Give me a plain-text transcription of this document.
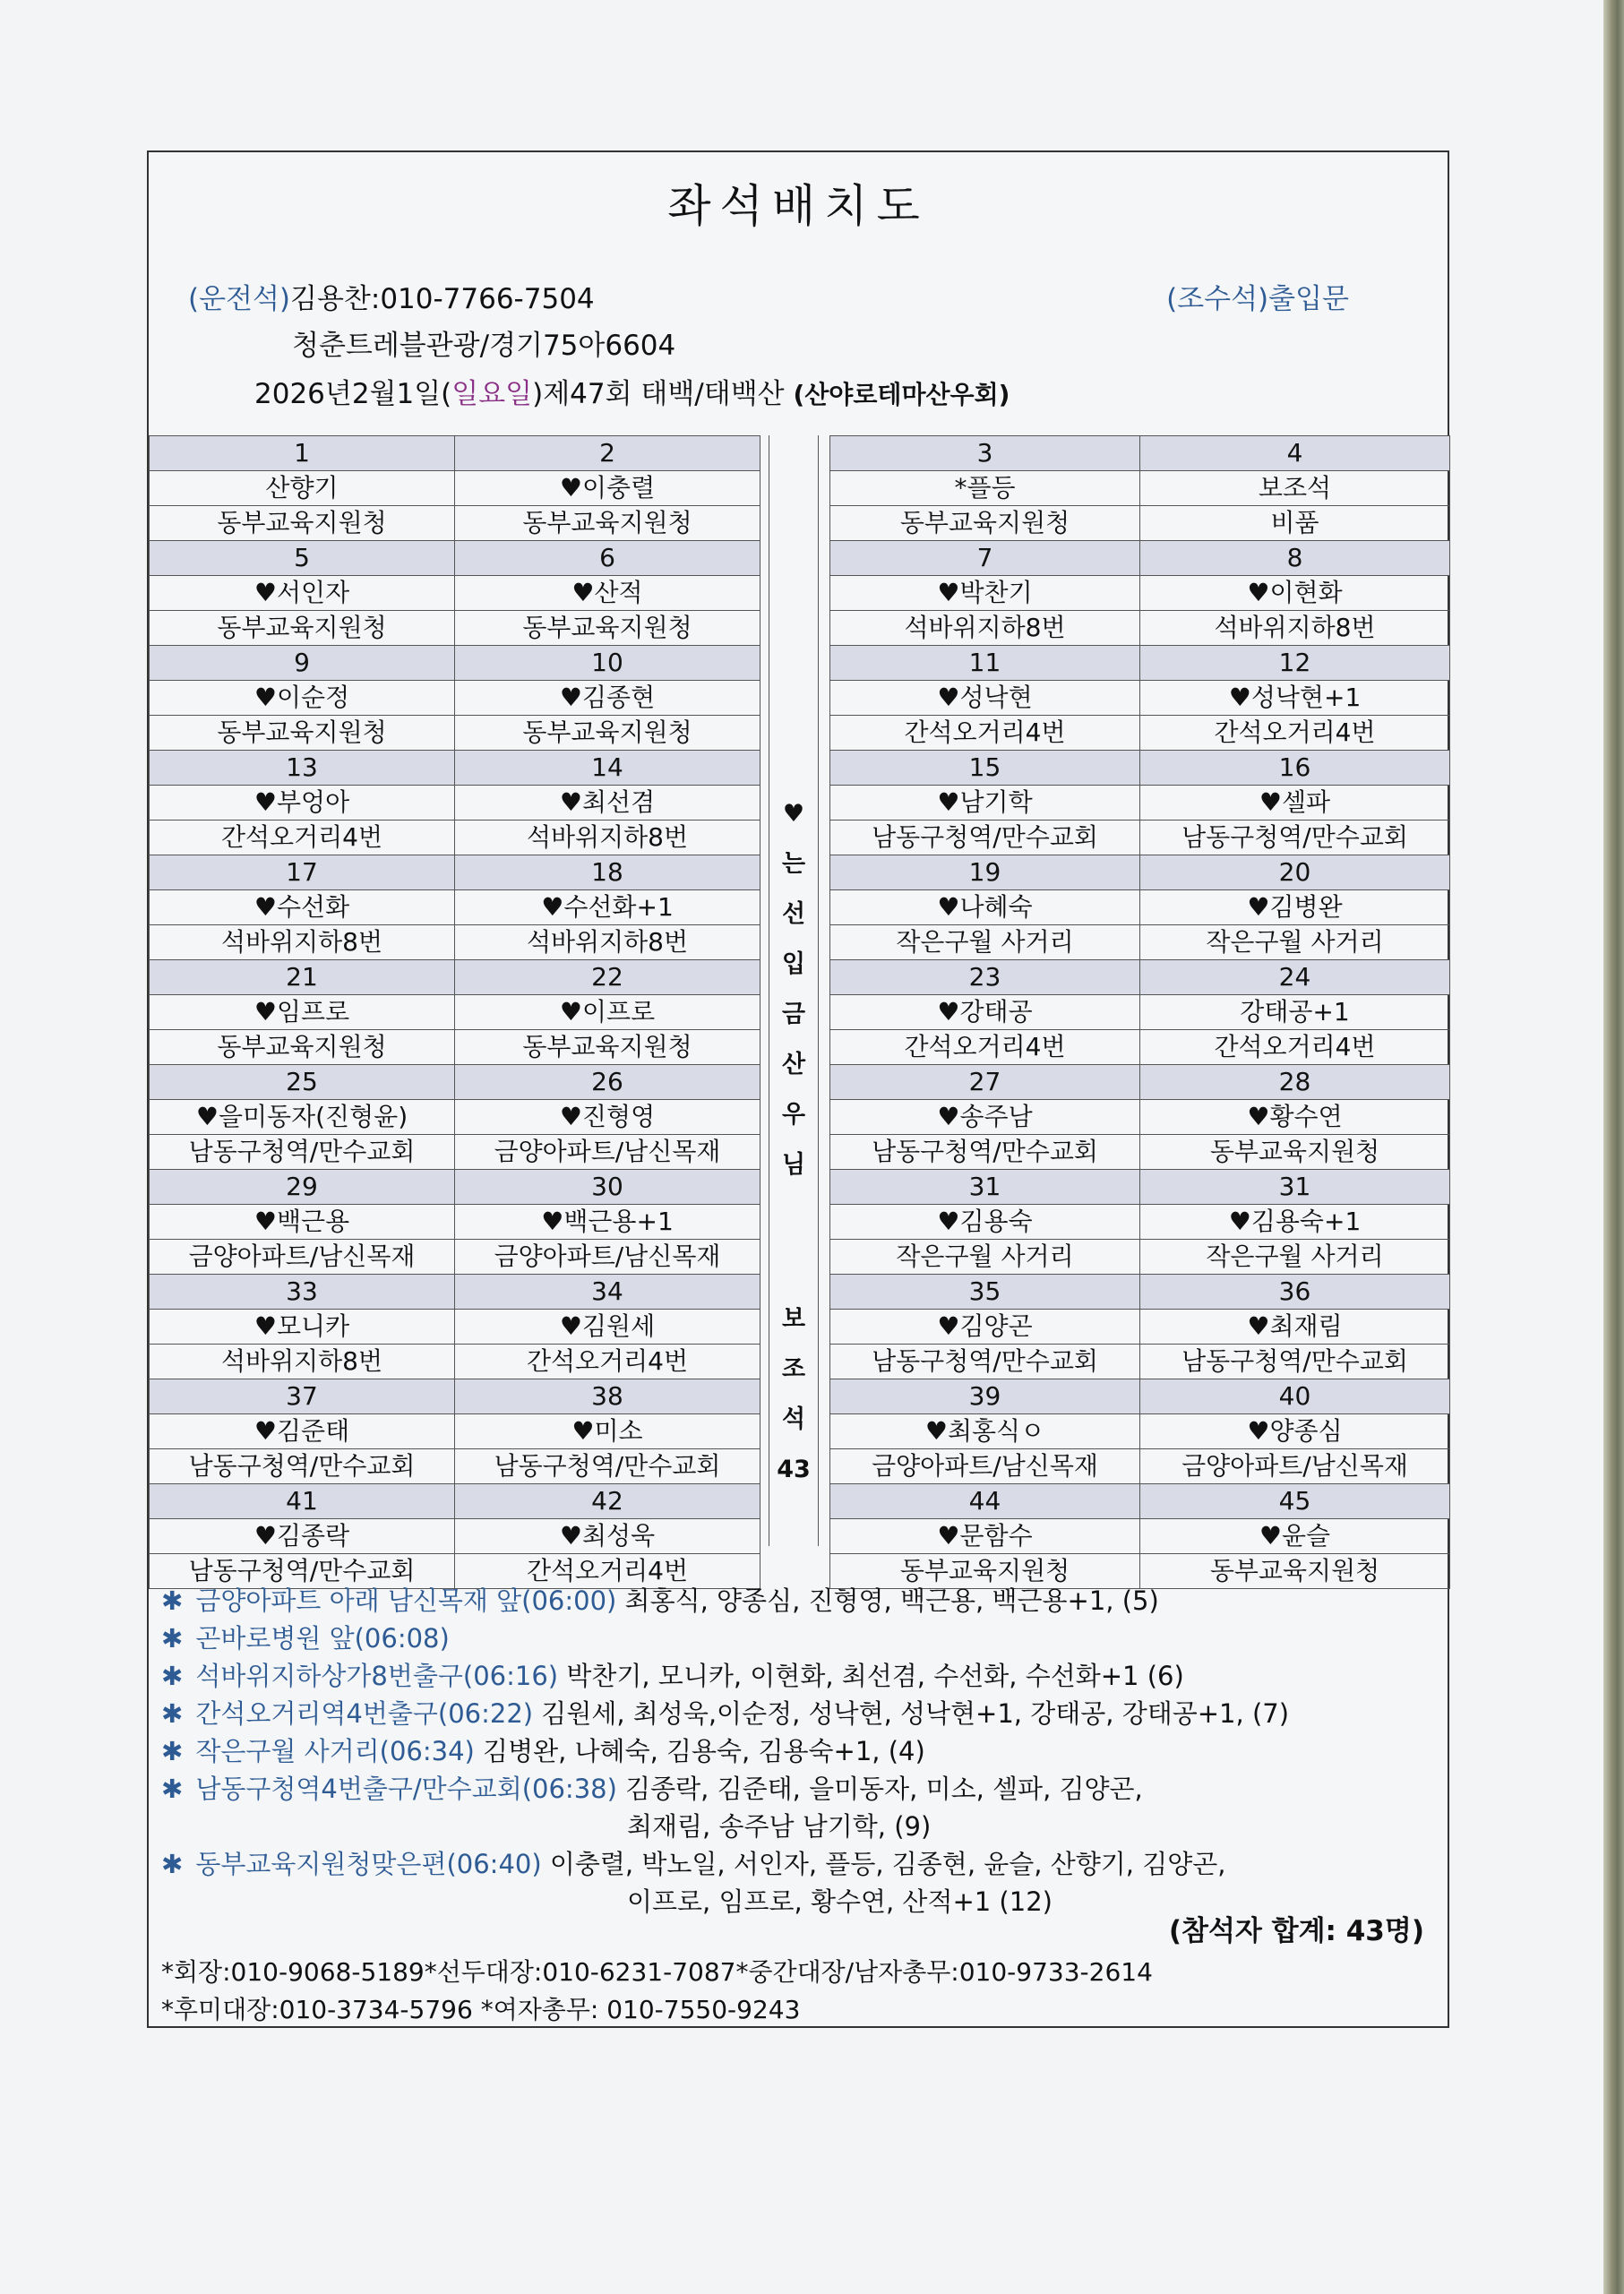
좌석배치도
(운전석)김용찬:010-7766-7504	(조수석)출입문
청춘트레블관광/경기75아6604
2026년2월1일(일요일)제47회 태백/태백산 (산야로테마산우회)
1	2
산향기	♥이충렬
동부교육지원청	동부교육지원청
5	6
♥서인자	♥산적
동부교육지원청	동부교육지원청
9	10
♥이순정	♥김종현
동부교육지원청	동부교육지원청
13	14
♥부엉아	♥최선겸
간석오거리4번	석바위지하8번
17	18
♥수선화	♥수선화+1
석바위지하8번	석바위지하8번
21	22
♥임프로	♥이프로
동부교육지원청	동부교육지원청
25	26
♥을미동자(진형윤)	♥진형영
남동구청역/만수교회	금양아파트/남신목재
29	30
♥백근용	♥백근용+1
금양아파트/남신목재	금양아파트/남신목재
33	34
♥모니카	♥김원세
석바위지하8번	간석오거리4번
37	38
♥김준태	♥미소
남동구청역/만수교회	남동구청역/만수교회
41	42
♥김종락	♥최성욱
남동구청역/만수교회	간석오거리4번
♥
는
선
입
금
산
우
님
보
조
석
43
3	4
*플등	보조석
동부교육지원청	비품
7	8
♥박찬기	♥이현화
석바위지하8번	석바위지하8번
11	12
♥성낙현	♥성낙현+1
간석오거리4번	간석오거리4번
15	16
♥남기학	♥셀파
남동구청역/만수교회	남동구청역/만수교회
19	20
♥나혜숙	♥김병완
작은구월 사거리	작은구월 사거리
23	24
♥강태공	강태공+1
간석오거리4번	간석오거리4번
27	28
♥송주남	♥황수연
남동구청역/만수교회	동부교육지원청
31	31
♥김용숙	♥김용숙+1
작은구월 사거리	작은구월 사거리
35	36
♥김양곤	♥최재림
남동구청역/만수교회	남동구청역/만수교회
39	40
♥최홍식ㅇ	♥양종심
금양아파트/남신목재	금양아파트/남신목재
44	45
♥문함수	♥윤슬
동부교육지원청	동부교육지원청
✱ 금양아파트 아래 남신목재 앞(06:00) 최홍식, 양종심, 진형영, 백근용, 백근용+1, (5)
✱ 곤바로병원 앞(06:08)
✱ 석바위지하상가8번출구(06:16) 박찬기, 모니카, 이현화, 최선겸, 수선화, 수선화+1 (6)
✱ 간석오거리역4번출구(06:22) 김원세, 최성욱,이순정, 성낙현, 성낙현+1, 강태공, 강태공+1, (7)
✱ 작은구월 사거리(06:34) 김병완, 나혜숙, 김용숙, 김용숙+1, (4)
✱ 남동구청역4번출구/만수교회(06:38) 김종락, 김준태, 을미동자, 미소, 셀파, 김양곤,
최재림, 송주남 남기학, (9)
✱ 동부교육지원청맞은편(06:40) 이충렬, 박노일, 서인자, 플등, 김종현, 윤슬, 산향기, 김양곤,
이프로, 임프로, 황수연, 산적+1 (12)
(참석자 합계: 43명)
*회장:010-9068-5189*선두대장:010-6231-7087*중간대장/남자총무:010-9733-2614
*후미대장:010-3734-5796 *여자총무: 010-7550-9243
